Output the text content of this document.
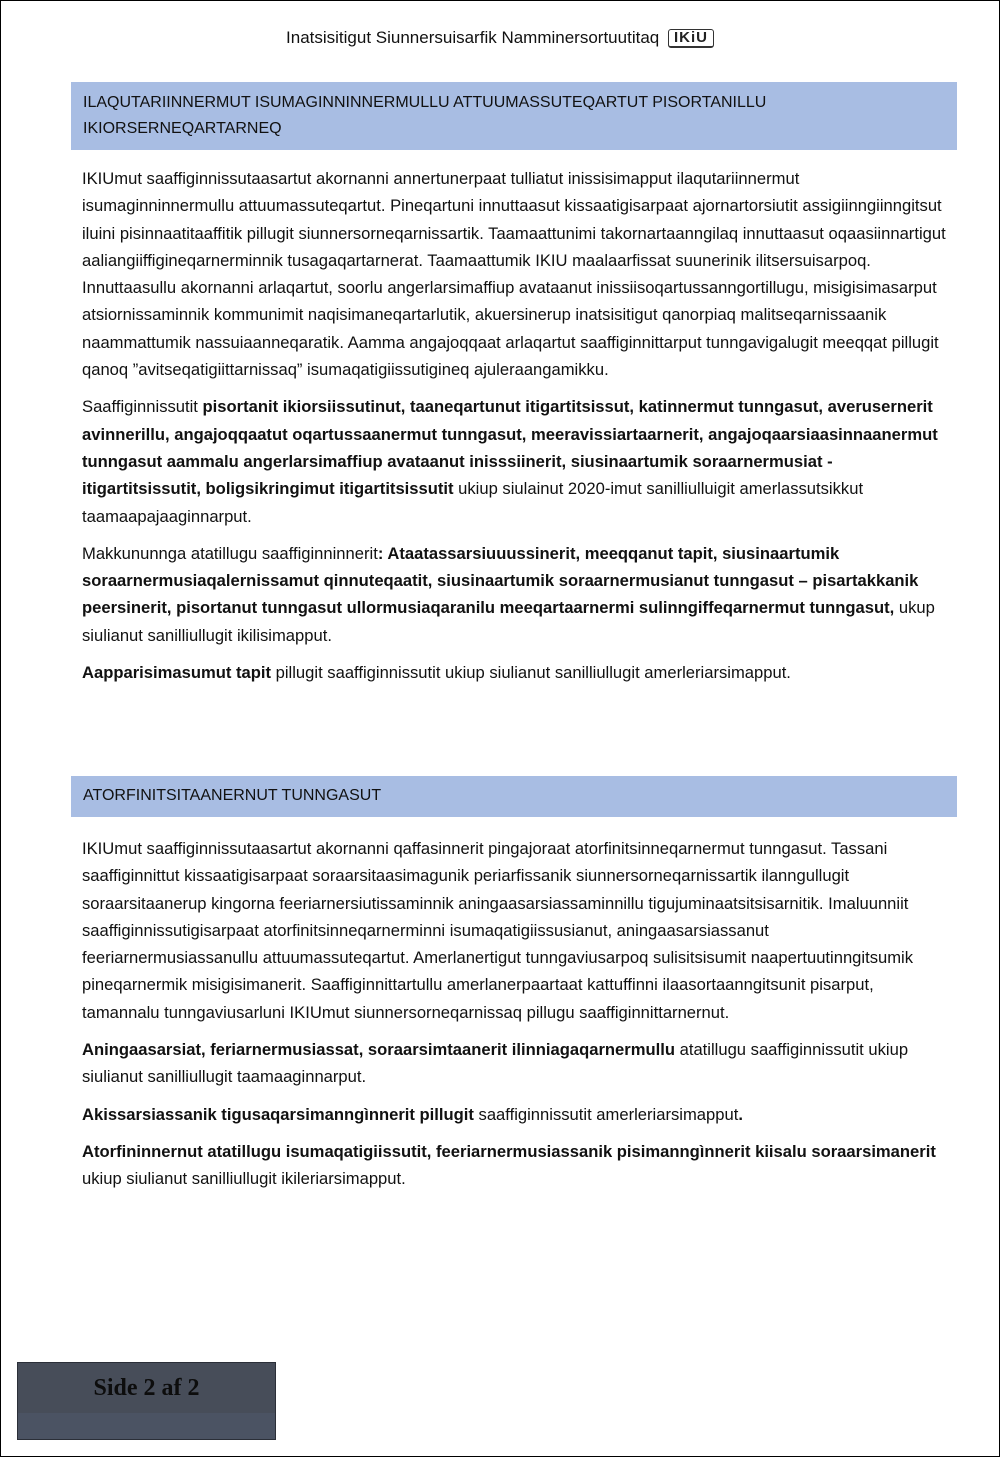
Inatsisitigut Siunnersuisarfik Namminersortuutitaq IKiU
ILAQUTARIINNERMUT ISUMAGINNINNERMULLU ATTUUMASSUTEQARTUT PISORTANILLU IKIORSERNEQARTARNEQ

IKIUmut saaffiginnissutaasartut akornanni annertunerpaat tulliatut inissisimapput ilaqutariinnermut isumaginninnermullu attuumassuteqartut. Pineqartuni innuttaasut kissaatigisarpaat ajornartorsiutit assigiinngiinngitsut iluini pisinnaatitaaffitik pillugit siunnersorneqarnissartik. Taamaattunimi takornartaanngilaq innuttaasut oqaasiinnartigut aaliangiiffigineqarnerminnik tusagaqartarnerat. Taamaattumik IKIU maalaarfissat suunerinik ilitsersuisarpoq. Innuttaasullu akornanni arlaqartut, soorlu angerlarsimaffiup avataanut inissiisoqartussanngortillugu, misigisimasarput atsiornissaminnik kommunimit naqisimaneqartarlutik, akuersinerup inatsisitigut qanorpiaq malitseqarnissaanik naammattumik nassuiaanneqaratik. Aamma angajoqqaat arlaqartut saaffiginnittarput tunngavigalugit meeqqat pillugit qanoq ”avitseqatigiittarnissaq” isumaqatigiissutigineq ajuleraangamikku.

Saaffiginnissutit pisortanit ikiorsiissutinut, taaneqartunut itigartitsissut, katinnermut tunngasut, averusernerit avinnerillu, angajoqqaatut oqartussaanermut tunngasut, meeravissiartaarnerit, angajoqaarsiaasinnaanermut tunngasut aammalu angerlarsimaffiup avataanut inisssiinerit, siusinaartumik soraarnermusiat - itigartitsissutit, boligsikringimut itigartitsissutit ukiup siulainut 2020-imut sanilliulluigit amerlassutsikkut taamaapajaaginnarput.

Makkununnga atatillugu saaffiginninnerit: Ataatassarsiuuussinerit, meeqqanut tapit, siusinaartumik soraarnermusiaqalernissamut qinnuteqaatit, siusinaartumik soraarnermusianut tunngasut – pisartakkanik peersinerit, pisortanut tunngasut ullormusiaqaranilu meeqartaarnermi sulinngiffeqarnermut tunngasut, ukup siulianut sanilliullugit ikilisimapput.

Aapparisimasumut tapit pillugit saaffiginnissutit ukiup siulianut sanilliullugit amerleriarsimapput.

ATORFINITSITAANERNUT TUNNGASUT

IKIUmut saaffiginnissutaasartut akornanni qaffasinnerit pingajoraat atorfinitsinneqarnermut tunngasut. Tassani saaffiginnittut kissaatigisarpaat soraarsitaasimagunik periarfissanik siunnersorneqarnissartik ilanngullugit soraarsitaanerup kingorna feeriarnersiutissaminnik aningaasarsiassaminnillu tigujuminaatsitsisarnitik. Imaluunniit saaffiginnissutigisarpaat atorfinitsinneqarnerminni isumaqatigiissusianut, aningaasarsiassanut feeriarnermusiassanullu attuumassuteqartut. Amerlanertigut tunngaviusarpoq sulisitsisumit naapertuutinngitsumik pineqarnermik misigisimanerit. Saaffiginnittartullu amerlanerpaartaat kattuffinni ilaasortaanngitsunit pisarput, tamannalu tunngaviusarluni IKIUmut siunnersorneqarnissaq pillugu saaffiginnittarnernut.

Aningaasarsiat, feriarnermusiassat, soraarsimtaanerit ilinniagaqarnermullu atatillugu saaffiginnissutit ukiup siulianut sanilliullugit taamaaginnarput.

Akissarsiassanik tigusaqarsimanngìnnerit pillugit saaffiginnissutit amerleriarsimapput.

Atorfininnernut atatillugu isumaqatigiissutit, feeriarnermusiassanik pisimanngìnnerit kiisalu soraarsimanerit ukiup siulianut sanilliullugit ikileriarsimapput.

Side 2 af 2
